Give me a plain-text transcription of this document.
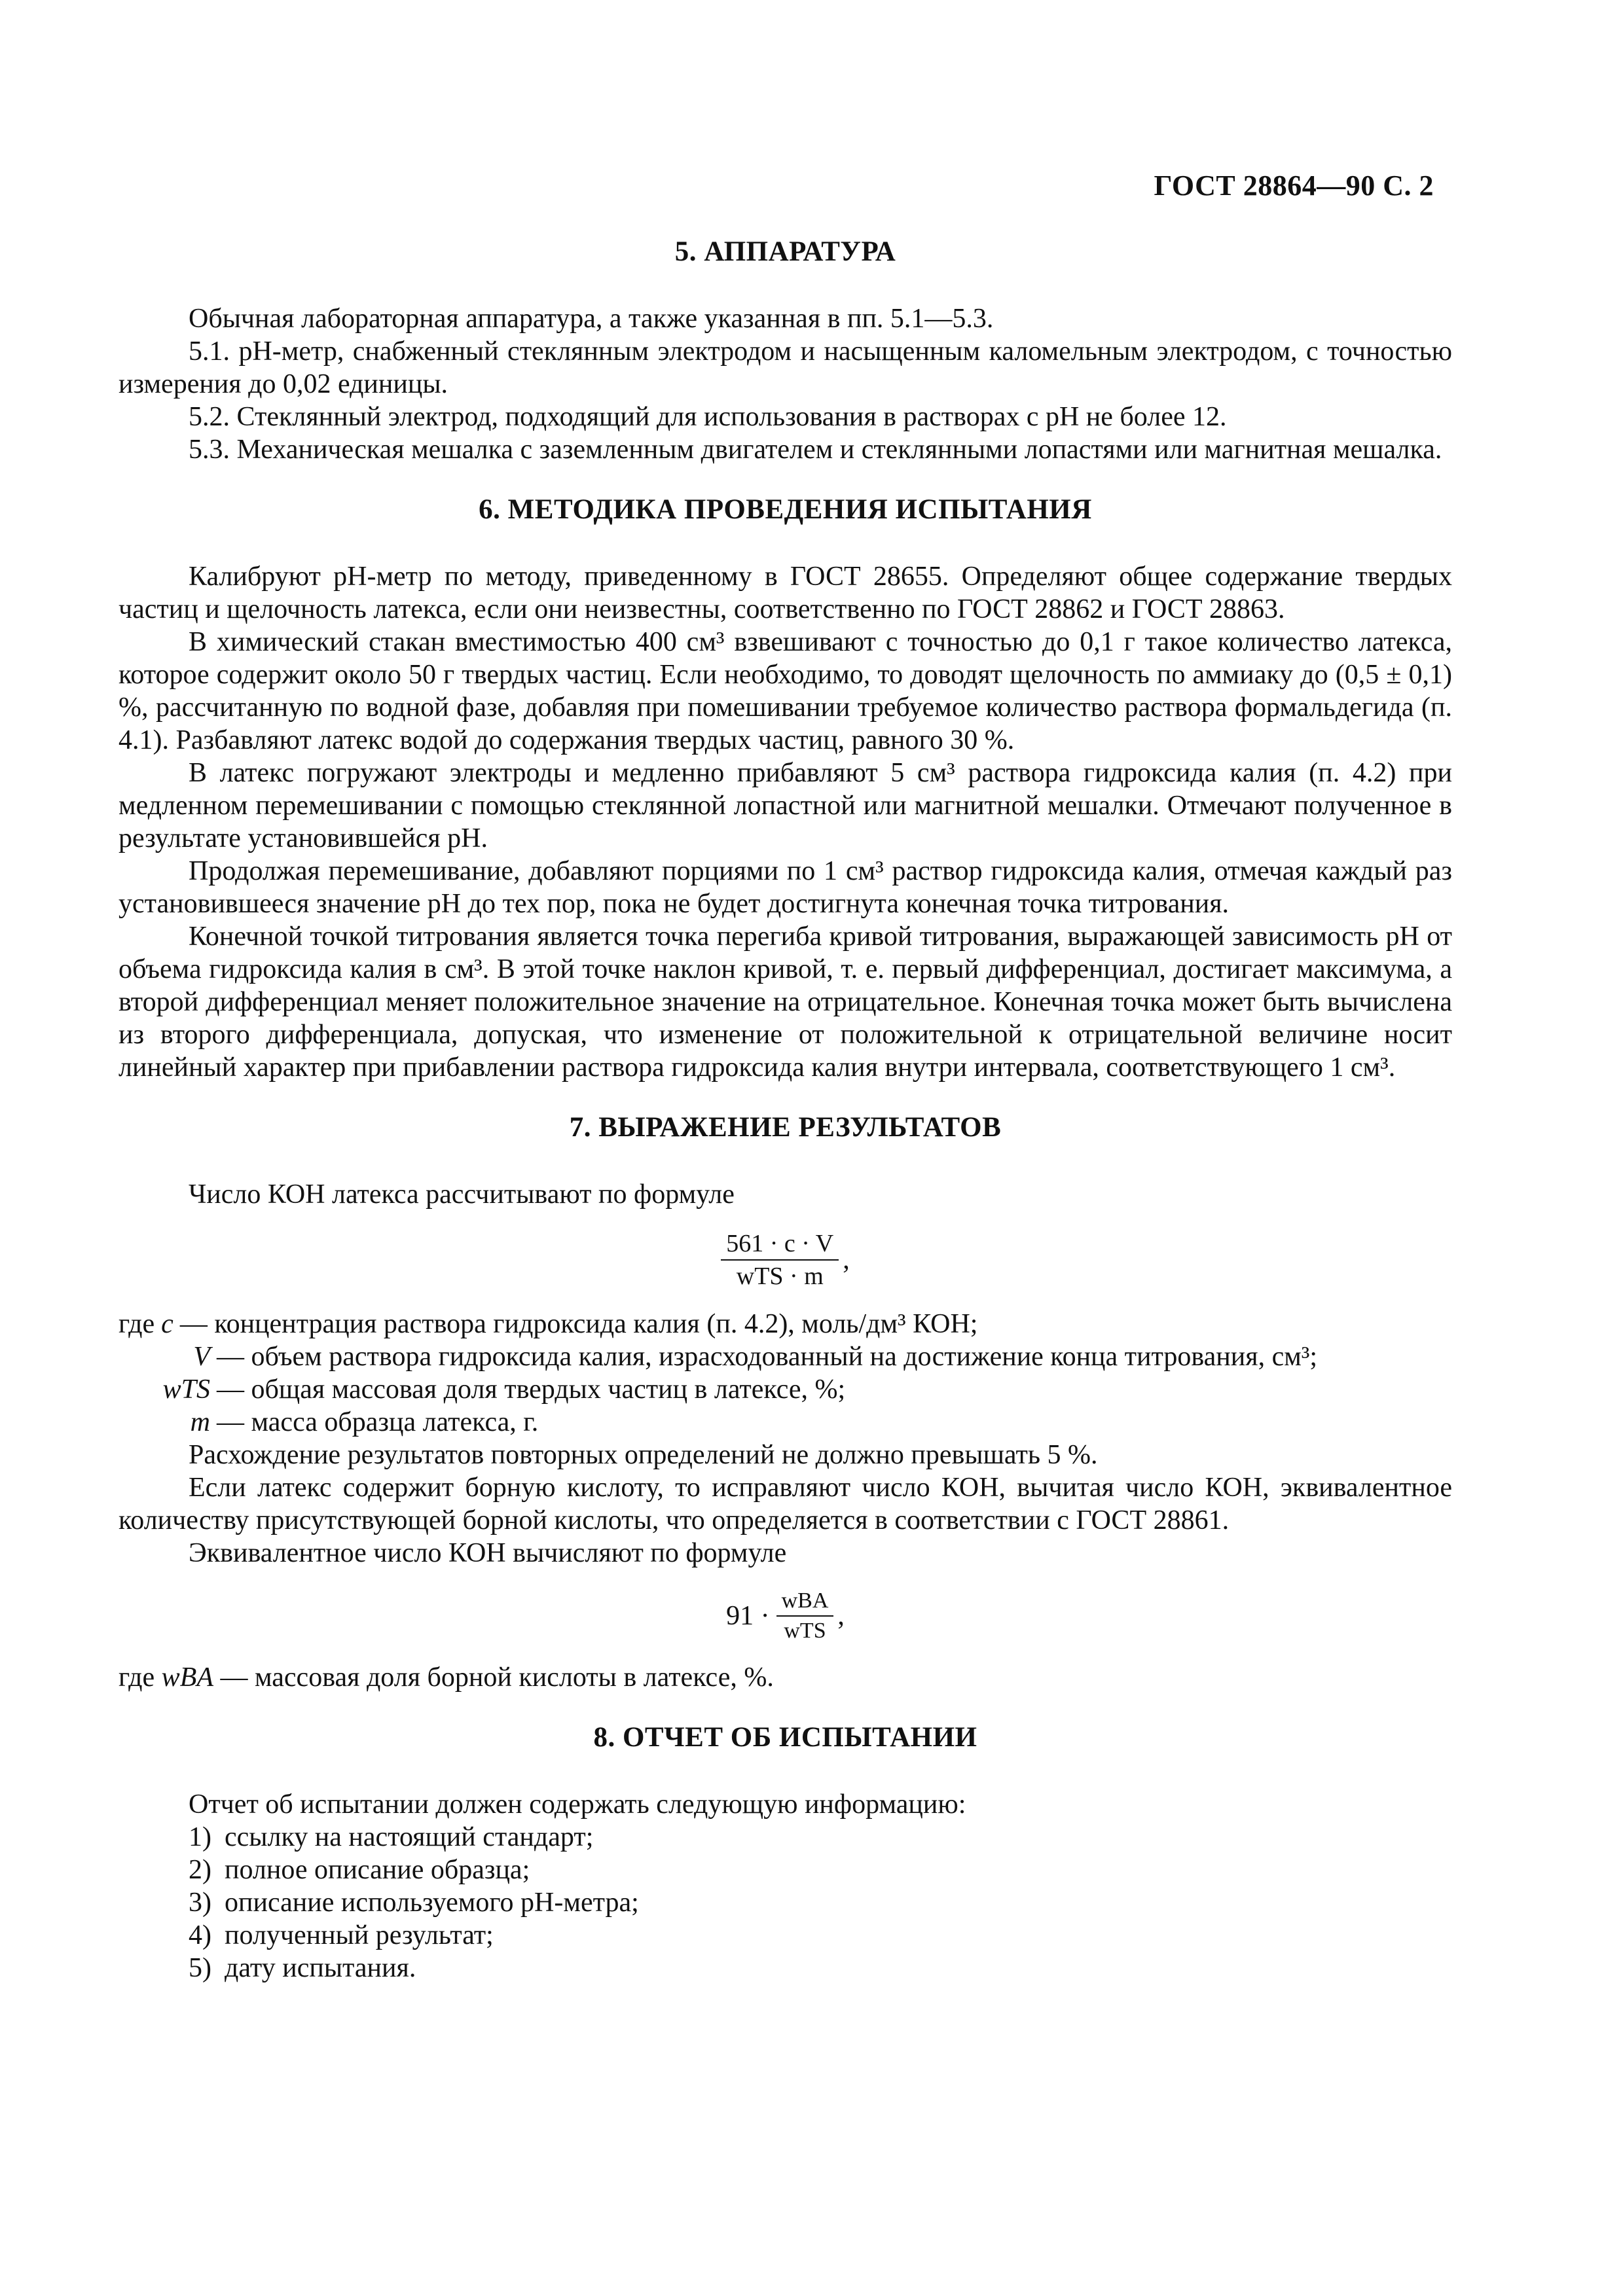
ГОСТ 28864—90 С. 2
5. АППАРАТУРА

Обычная лабораторная аппаратура, а также указанная в пп. 5.1—5.3.

5.1. рН-метр, снабженный стеклянным электродом и насыщенным каломельным электродом, с точностью измерения до 0,02 единицы.

5.2. Стеклянный электрод, подходящий для использования в растворах с рН не более 12.

5.3. Механическая мешалка с заземленным двигателем и стеклянными лопастями или магнитная мешалка.

6. МЕТОДИКА ПРОВЕДЕНИЯ ИСПЫТАНИЯ

Калибруют рН-метр по методу, приведенному в ГОСТ 28655. Определяют общее содержание твердых частиц и щелочность латекса, если они неизвестны, соответственно по ГОСТ 28862 и ГОСТ 28863.

В химический стакан вместимостью 400 см³ взвешивают с точностью до 0,1 г такое количество латекса, которое содержит около 50 г твердых частиц. Если необходимо, то доводят щелочность по аммиаку до (0,5 ± 0,1) %, рассчитанную по водной фазе, добавляя при помешивании требуемое количество раствора формальдегида (п. 4.1). Разбавляют латекс водой до содержания твердых частиц, равного 30 %.

В латекс погружают электроды и медленно прибавляют 5 см³ раствора гидроксида калия (п. 4.2) при медленном перемешивании с помощью стеклянной лопастной или магнитной мешалки. Отмечают полученное в результате установившейся рН.

Продолжая перемешивание, добавляют порциями по 1 см³ раствор гидроксида калия, отмечая каждый раз установившееся значение рН до тех пор, пока не будет достигнута конечная точка титрования.

Конечной точкой титрования является точка перегиба кривой титрования, выражающей зависимость рН от объема гидроксида калия в см³. В этой точке наклон кривой, т. е. первый дифференциал, достигает максимума, а второй дифференциал меняет положительное значение на отрицательное. Конечная точка может быть вычислена из второго дифференциала, допуская, что изменение от положительной к отрицательной величине носит линейный характер при прибавлении раствора гидроксида калия внутри интервала, соответствующего 1 см³.

7. ВЫРАЖЕНИЕ РЕЗУЛЬТАТОВ

Число КОН латекса рассчитывают по формуле

$\frac{561 \cdot c \cdot V}{\text{wTS · m}}$ ,
где c — концентрация раствора гидроксида калия (п. 4.2), моль/дм³ КОН;
V — объем раствора гидроксида калия, израсходованный на достижение конца титрования, см³;
wTS — общая массовая доля твердых частиц в латексе, %;
m — масса образца латекса, г.

Расхождение результатов повторных определений не должно превышать 5 %.

Если латекс содержит борную кислоту, то исправляют число КОН, вычитая число КОН, эквивалентное количеству присутствующей борной кислоты, что определяется в соответствии с ГОСТ 28861.

Эквивалентное число КОН вычисляют по формуле

$91 \cdot \frac{\text{wBA}}{\text{wTS}}$ ,

где wBA — массовая доля борной кислоты в латексе, %.

8. ОТЧЕТ ОБ ИСПЫТАНИИ

Отчет об испытании должен содержать следующую информацию:

1) ссылку на настоящий стандарт;
2) полное описание образца;
3) описание используемого рН-метра;
4) полученный результат;
5) дату испытания.
